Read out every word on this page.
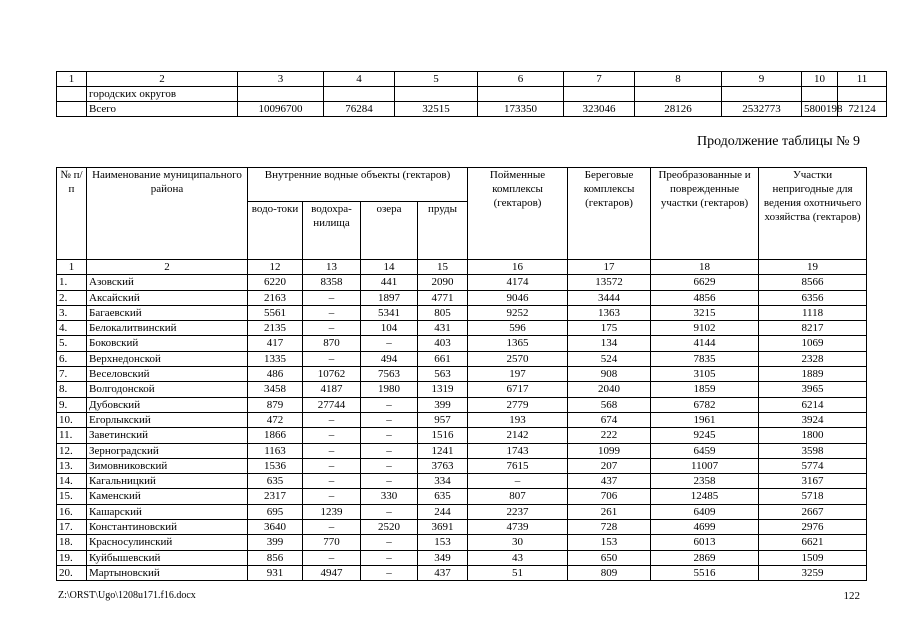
1	2	3	4	5	6	7	8	9	10	11
	городских округов									
	Всего	10096700	76284	32515	173350	323046	28126	2532773	5800198	72124
Продолжение таблицы № 9
№ п/п	Наименование муниципального района	Внутренние водные объекты (гектаров)				Пойменные комплексы (гектаров)	Береговые комплексы (гектаров)	Преобразованные и поврежденные участки (гектаров)	Участки непригодные для ведения охотничьего хозяйства (гектаров)
		водо-токи	водохра-нилища	озера	пруды				
1	2	12	13	14	15	16	17	18	19
1.	Азовский	6220	8358	441	2090	4174	13572	6629	8566
2.	Аксайский	2163	–	1897	4771	9046	3444	4856	6356
3.	Багаевский	5561	–	5341	805	9252	1363	3215	1118
4.	Белокалитвинский	2135	–	104	431	596	175	9102	8217
5.	Боковский	417	870	–	403	1365	134	4144	1069
6.	Верхнедонской	1335	–	494	661	2570	524	7835	2328
7.	Веселовский	486	10762	7563	563	197	908	3105	1889
8.	Волгодонской	3458	4187	1980	1319	6717	2040	1859	3965
9.	Дубовский	879	27744	–	399	2779	568	6782	6214
10.	Егорлыкский	472	–	–	957	193	674	1961	3924
11.	Заветинский	1866	–	–	1516	2142	222	9245	1800
12.	Зерноградский	1163	–	–	1241	1743	1099	6459	3598
13.	Зимовниковский	1536	–	–	3763	7615	207	11007	5774
14.	Кагальницкий	635	–	–	334	–	437	2358	3167
15.	Каменский	2317	–	330	635	807	706	12485	5718
16.	Кашарский	695	1239	–	244	2237	261	6409	2667
17.	Константиновский	3640	–	2520	3691	4739	728	4699	2976
18.	Красносулинский	399	770	–	153	30	153	6013	6621
19.	Куйбышевский	856	–	–	349	43	650	2869	1509
20.	Мартыновский	931	4947	–	437	51	809	5516	3259
Z:\ORST\Ugo\1208u171.f16.docx	122
